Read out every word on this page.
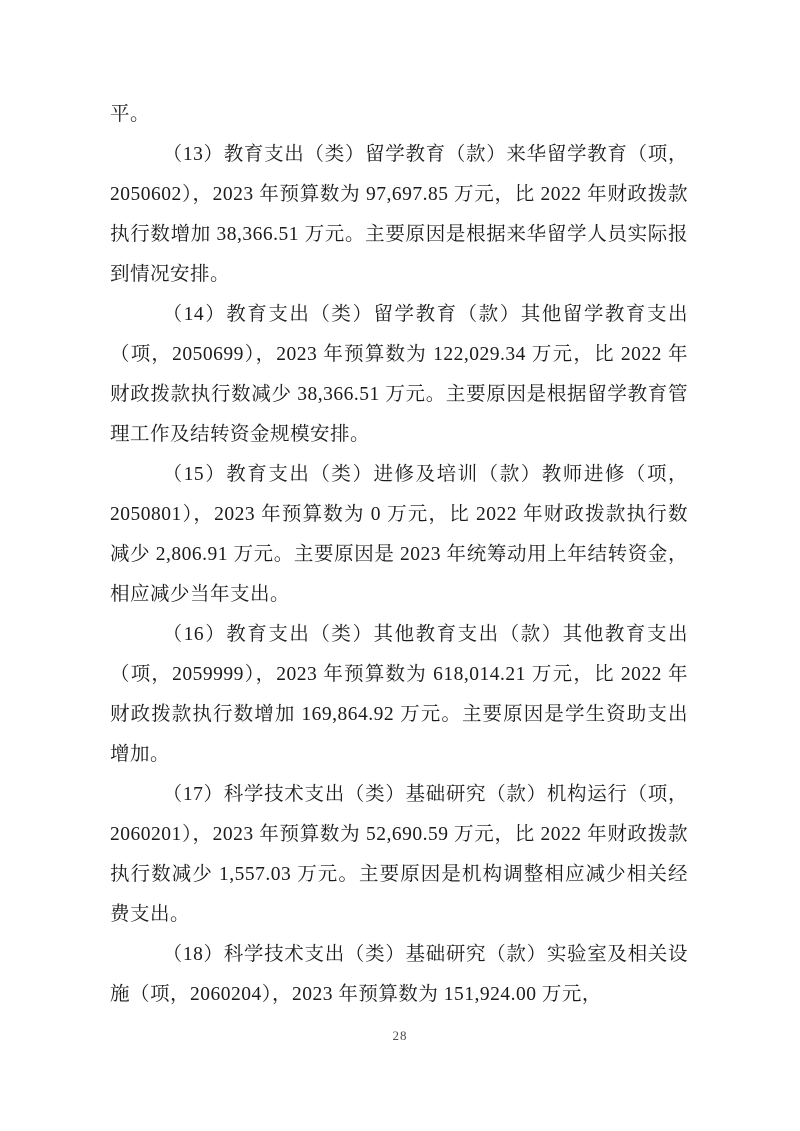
平。

（13）教育支出（类）留学教育（款）来华留学教育（项，2050602），2023 年预算数为 97,697.85 万元，比 2022 年财政拨款执行数增加 38,366.51 万元。主要原因是根据来华留学人员实际报到情况安排。

（14）教育支出（类）留学教育（款）其他留学教育支出（项，2050699），2023 年预算数为 122,029.34 万元，比 2022 年财政拨款执行数减少 38,366.51 万元。主要原因是根据留学教育管理工作及结转资金规模安排。

（15）教育支出（类）进修及培训（款）教师进修（项，2050801），2023 年预算数为 0 万元，比 2022 年财政拨款执行数减少 2,806.91 万元。主要原因是 2023 年统筹动用上年结转资金，相应减少当年支出。

（16）教育支出（类）其他教育支出（款）其他教育支出（项，2059999），2023 年预算数为 618,014.21 万元，比 2022 年财政拨款执行数增加 169,864.92 万元。主要原因是学生资助支出增加。

（17）科学技术支出（类）基础研究（款）机构运行（项，2060201），2023 年预算数为 52,690.59 万元，比 2022 年财政拨款执行数减少 1,557.03 万元。主要原因是机构调整相应减少相关经费支出。

（18）科学技术支出（类）基础研究（款）实验室及相关设施（项，2060204），2023 年预算数为 151,924.00 万元，

28
